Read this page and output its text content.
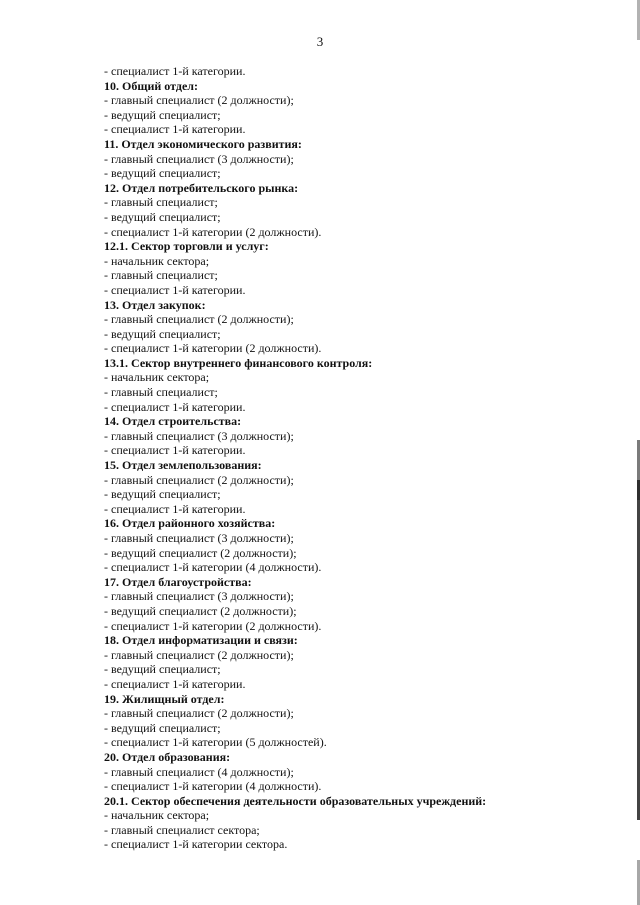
3
- специалист 1-й категории.
10. Общий отдел:
- главный специалист (2 должности);
- ведущий специалист;
- специалист 1-й категории.
11. Отдел экономического развития:
- главный специалист (3 должности);
- ведущий специалист;
12. Отдел потребительского рынка:
- главный специалист;
- ведущий специалист;
- специалист 1-й категории (2 должности).
12.1. Сектор торговли и услуг:
- начальник сектора;
- главный специалист;
- специалист 1-й категории.
13. Отдел закупок:
- главный специалист (2 должности);
- ведущий специалист;
- специалист 1-й категории (2 должности).
13.1. Сектор внутреннего финансового контроля:
- начальник сектора;
- главный специалист;
- специалист 1-й категории.
14. Отдел строительства:
- главный специалист (3 должности);
- специалист 1-й категории.
15. Отдел землепользования:
- главный специалист (2 должности);
- ведущий специалист;
- специалист 1-й категории.
16. Отдел районного хозяйства:
- главный специалист (3 должности);
- ведущий специалист (2 должности);
- специалист 1-й категории (4 должности).
17. Отдел благоустройства:
- главный специалист (3 должности);
- ведущий специалист (2 должности);
- специалист 1-й категории (2 должности).
18. Отдел информатизации и связи:
- главный специалист (2 должности);
- ведущий специалист;
- специалист 1-й категории.
19. Жилищный отдел:
- главный специалист (2 должности);
- ведущий специалист;
- специалист 1-й категории (5 должностей).
20. Отдел образования:
- главный специалист (4 должности);
- специалист 1-й категории (4 должности).
20.1. Сектор обеспечения деятельности образовательных учреждений:
- начальник сектора;
- главный специалист сектора;
- специалист 1-й категории сектора.
